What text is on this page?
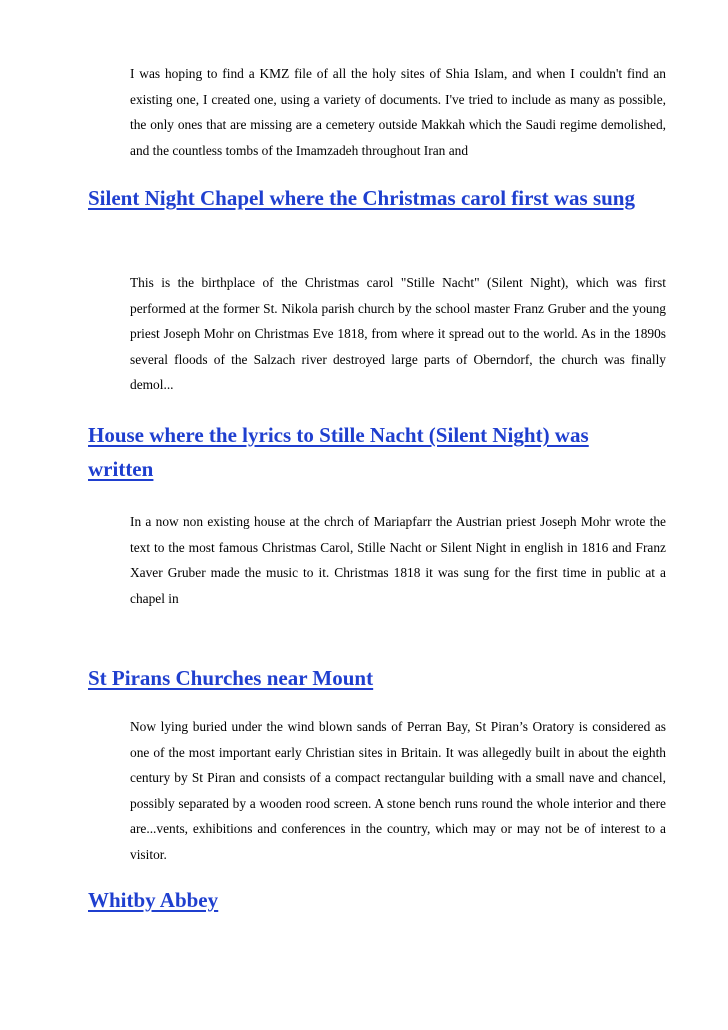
I was hoping to find a KMZ file of all the holy sites of Shia Islam, and when I couldn't find an existing one, I created one, using a variety of documents. I've tried to include as many as possible, the only ones that are missing are a cemetery outside Makkah which the Saudi regime demolished, and the countless tombs of the Imamzadeh throughout Iran and

Silent Night Chapel where the Christmas carol first was sung

This is the birthplace of the Christmas carol "Stille Nacht" (Silent Night), which was first performed at the former St. Nikola parish church by the school master Franz Gruber and the young priest Joseph Mohr on Christmas Eve 1818, from where it spread out to the world. As in the 1890s several floods of the Salzach river destroyed large parts of Oberndorf, the church was finally demol...

House where the lyrics to Stille Nacht (Silent Night) was written

In a now non existing house at the chrch of Mariapfarr the Austrian priest Joseph Mohr wrote the text to the most famous Christmas Carol, Stille Nacht or Silent Night in english in 1816 and Franz Xaver Gruber made the music to it. Christmas 1818 it was sung for the first time in public at a chapel in

St Pirans Churches near Mount

Now lying buried under the wind blown sands of Perran Bay, St Piran’s Oratory is considered as one of the most important early Christian sites in Britain. It was allegedly built in about the eighth century by St Piran and consists of a compact rectangular building with a small nave and chancel, possibly separated by a wooden rood screen. A stone bench runs round the whole interior and there are...vents, exhibitions and conferences in the country, which may or may not be of interest to a visitor.

Whitby Abbey
